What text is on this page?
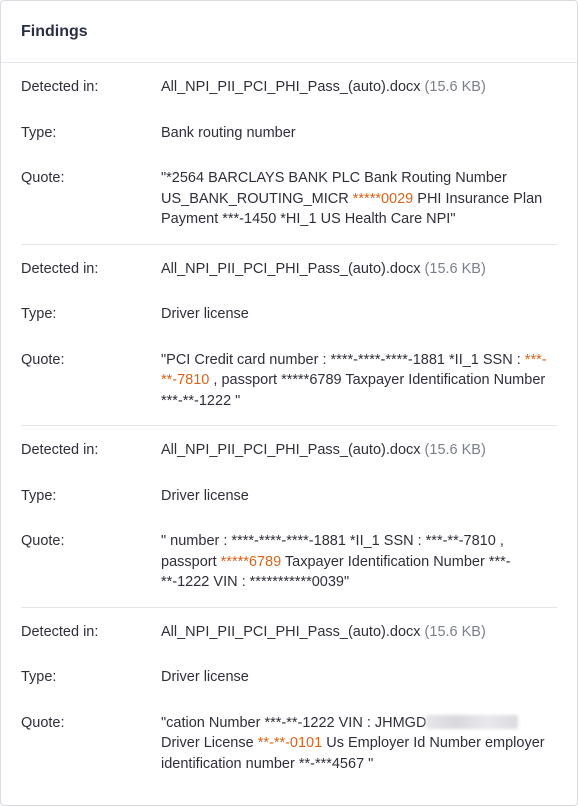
Findings
Detected in:	All_NPI_PII_PCI_PHI_Pass_(auto).docx (15.6 KB)
Type:	Bank routing number
Quote:	"*2564 BARCLAYS BANK PLC Bank Routing Number US_BANK_ROUTING_MICR *****0029 PHI Insurance Plan Payment ***-1450 *HI_1 US Health Care NPI"
Detected in:	All_NPI_PII_PCI_PHI_Pass_(auto).docx (15.6 KB)
Type:	Driver license
Quote:	"PCI Credit card number : ****-****-****-1881 *II_1 SSN : ***-**-7810 , passport *****6789 Taxpayer Identification Number ***-**-1222 "
Detected in:	All_NPI_PII_PCI_PHI_Pass_(auto).docx (15.6 KB)
Type:	Driver license
Quote:	" number : ****-****-****-1881 *II_1 SSN : ***-**-7810 , passport *****6789 Taxpayer Identification Number ***-**-1222 VIN : ***********0039"
Detected in:	All_NPI_PII_PCI_PHI_Pass_(auto).docx (15.6 KB)
Type:	Driver license
Quote:	"cation Number ***-**-1222 VIN : JHMGD Driver License **-**-0101 Us Employer Id Number employer identification number **-***4567 "
